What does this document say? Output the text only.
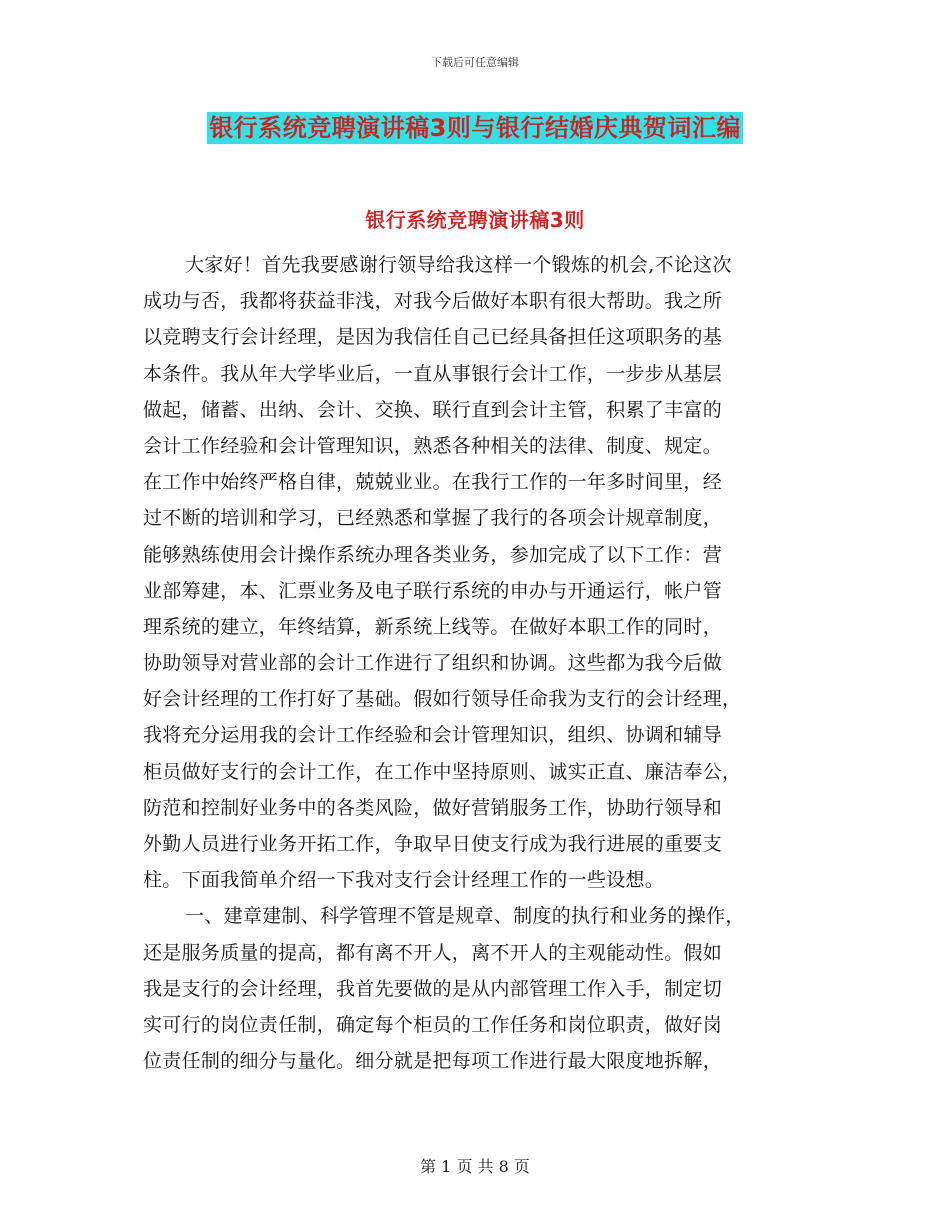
下载后可任意编辑
银行系统竞聘演讲稿3则与银行结婚庆典贺词汇编
银行系统竞聘演讲稿3则
大家好！首先我要感谢行领导给我这样一个锻炼的机会,不论这次
成功与否，我都将获益非浅，对我今后做好本职有很大帮助。我之所
以竞聘支行会计经理，是因为我信任自己已经具备担任这项职务的基
本条件。我从年大学毕业后，一直从事银行会计工作，一步步从基层
做起，储蓄、出纳、会计、交换、联行直到会计主管，积累了丰富的
会计工作经验和会计管理知识，熟悉各种相关的法律、制度、规定。
在工作中始终严格自律，兢兢业业。在我行工作的一年多时间里，经
过不断的培训和学习，已经熟悉和掌握了我行的各项会计规章制度，
能够熟练使用会计操作系统办理各类业务，参加完成了以下工作：营
业部筹建，本、汇票业务及电子联行系统的申办与开通运行，帐户管
理系统的建立，年终结算，新系统上线等。在做好本职工作的同时，
协助领导对营业部的会计工作进行了组织和协调。这些都为我今后做
好会计经理的工作打好了基础。假如行领导任命我为支行的会计经理，
我将充分运用我的会计工作经验和会计管理知识，组织、协调和辅导
柜员做好支行的会计工作，在工作中坚持原则、诚实正直、廉洁奉公，
防范和控制好业务中的各类风险，做好营销服务工作，协助行领导和
外勤人员进行业务开拓工作，争取早日使支行成为我行进展的重要支
柱。下面我简单介绍一下我对支行会计经理工作的一些设想。
一、建章建制、科学管理不管是规章、制度的执行和业务的操作，
还是服务质量的提高，都有离不开人，离不开人的主观能动性。假如
我是支行的会计经理，我首先要做的是从内部管理工作入手，制定切
实可行的岗位责任制，确定每个柜员的工作任务和岗位职责，做好岗
位责任制的细分与量化。细分就是把每项工作进行最大限度地拆解，
第 1 页 共 8 页
